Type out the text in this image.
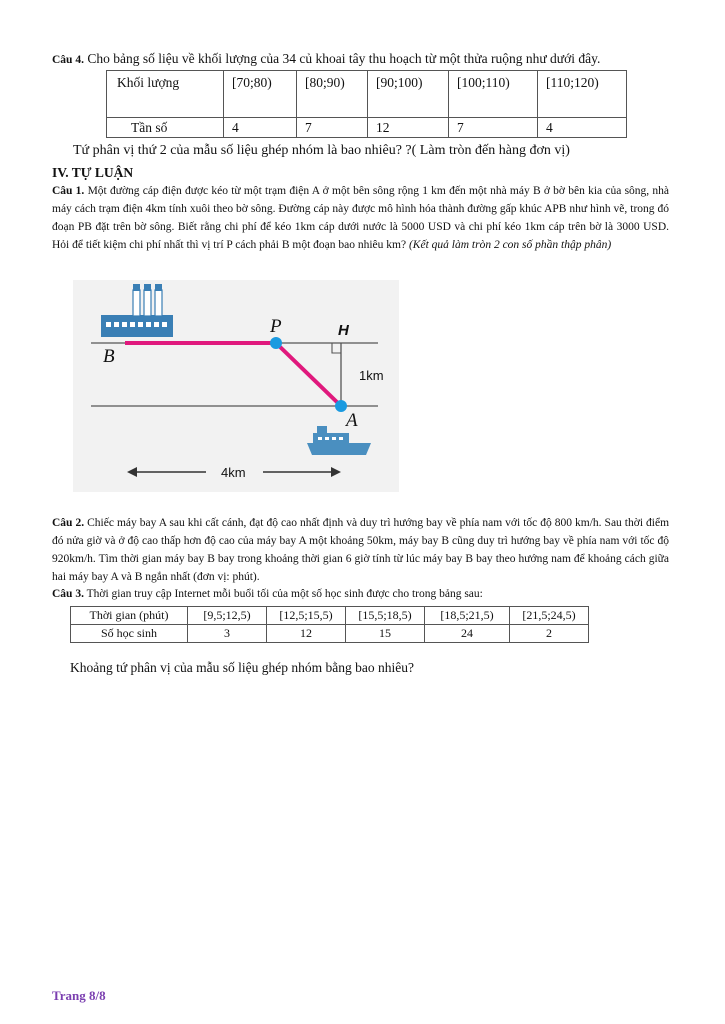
Câu 4. Cho bảng số liệu về khối lượng của 34 củ khoai tây thu hoạch từ một thửa ruộng như dưới đây.
Khối lượng	[70;80)	[80;90)	[90;100)	[100;110)	[110;120)
Tần số	4	7	12	7	4
Tứ phân vị thứ 2 của mẫu số liệu ghép nhóm là bao nhiêu? ?( Làm tròn đến hàng đơn vị)
IV. TỰ LUẬN
Câu 1. Một đường cáp điện được kéo từ một trạm điện A ở một bên sông rộng 1 km đến một nhà máy B ở bờ bên kia của sông, nhà máy cách trạm điện 4km tính xuôi theo bờ sông. Đường cáp này được mô hình hóa thành đường gấp khúc APB như hình vẽ, trong đó đoạn PB đặt trên bờ sông. Biết rằng chi phí để kéo 1km cáp dưới nước là 5000 USD và chi phí kéo 1km cáp trên bờ là 3000 USD. Hỏi để tiết kiệm chi phí nhất thì vị trí P cách phải B một đoạn bao nhiêu km? (Kết quả làm tròn 2 con số phần thập phân)
B
P	H
A
1km
4km
Câu 2. Chiếc máy bay A sau khi cất cánh, đạt độ cao nhất định và duy trì hướng bay về phía nam với tốc độ 800 km/h. Sau thời điểm đó nửa giờ và ở độ cao thấp hơn độ cao của máy bay A một khoảng 50km, máy bay B cũng duy trì hướng bay về phía nam với tốc độ 920km/h. Tìm thời gian máy bay B bay trong khoảng thời gian 6 giờ tính từ lúc máy bay B bay theo hướng nam để khoảng cách giữa hai máy bay A và B ngắn nhất (đơn vị: phút).
Câu 3. Thời gian truy cập Internet mỗi buổi tối của một số học sinh được cho trong bảng sau:
Thời gian (phút)	[9,5;12,5)	[12,5;15,5)	[15,5;18,5)	[18,5;21,5)	[21,5;24,5)
Số học sinh	3	12	15	24	2
Khoảng tứ phân vị của mẫu số liệu ghép nhóm bằng bao nhiêu?
Trang 8/8
